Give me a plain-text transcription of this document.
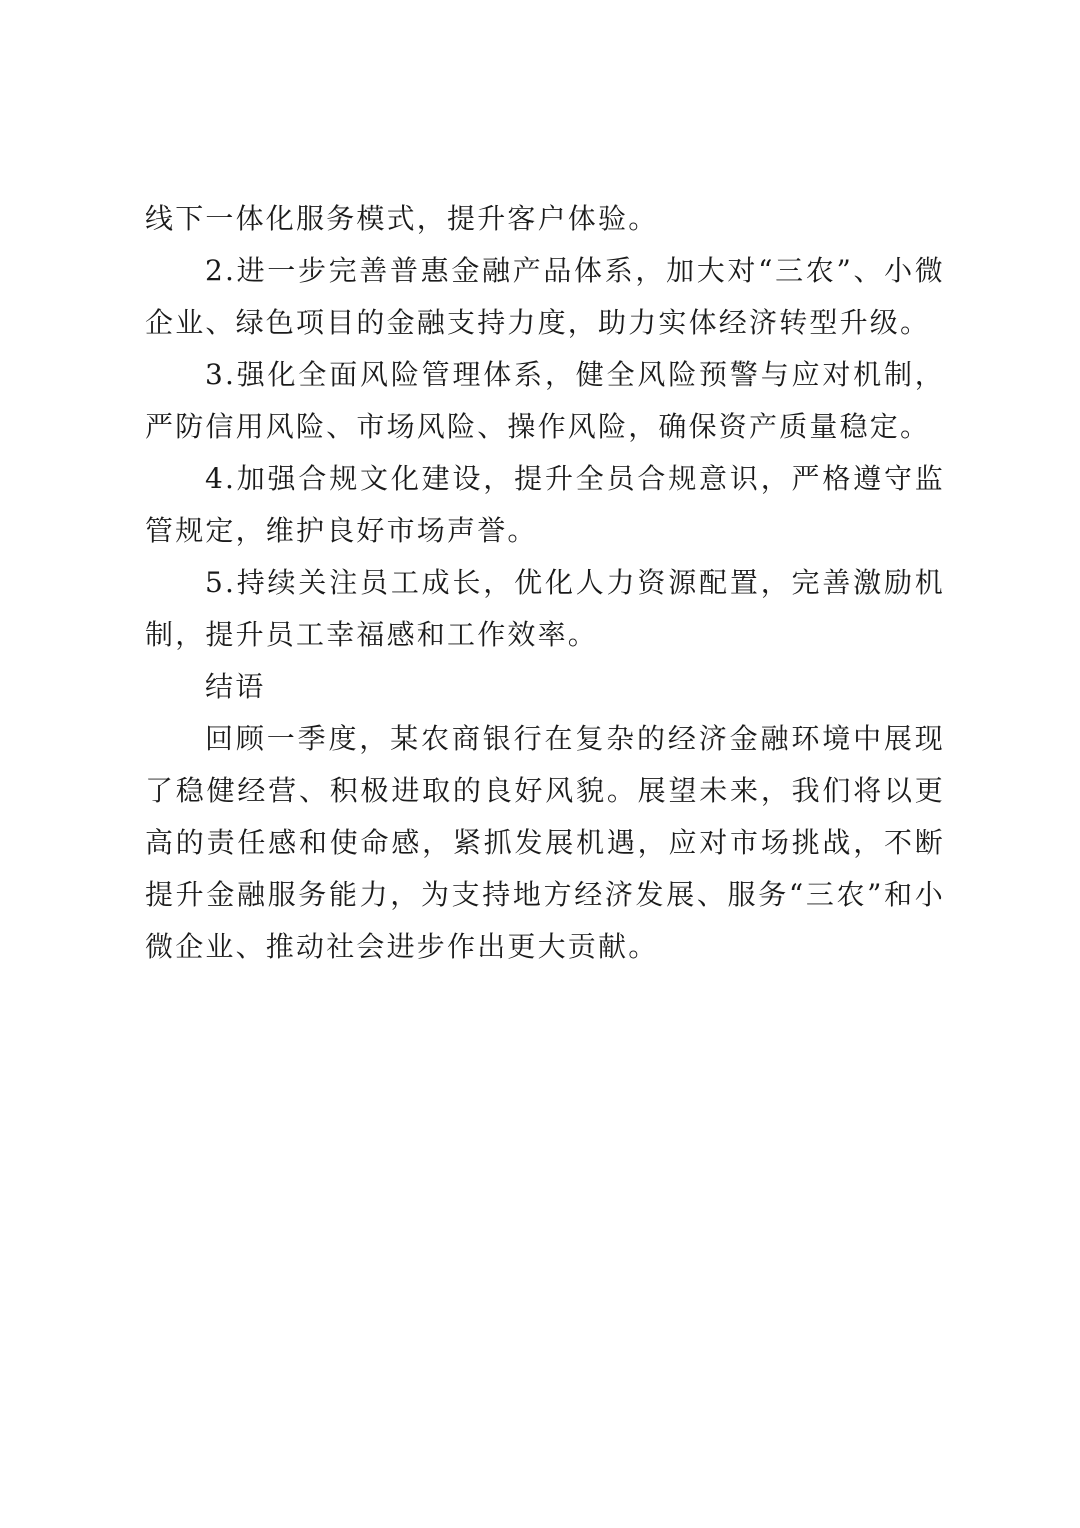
线下一体化服务模式，提升客户体验。

2.进一步完善普惠金融产品体系，加大对“三农”、小微企业、绿色项目的金融支持力度，助力实体经济转型升级。

3.强化全面风险管理体系，健全风险预警与应对机制，严防信用风险、市场风险、操作风险，确保资产质量稳定。

4.加强合规文化建设，提升全员合规意识，严格遵守监管规定，维护良好市场声誉。

5.持续关注员工成长，优化人力资源配置，完善激励机制，提升员工幸福感和工作效率。

结语

回顾一季度，某农商银行在复杂的经济金融环境中展现了稳健经营、积极进取的良好风貌。展望未来，我们将以更高的责任感和使命感，紧抓发展机遇，应对市场挑战，不断提升金融服务能力，为支持地方经济发展、服务“三农”和小微企业、推动社会进步作出更大贡献。
